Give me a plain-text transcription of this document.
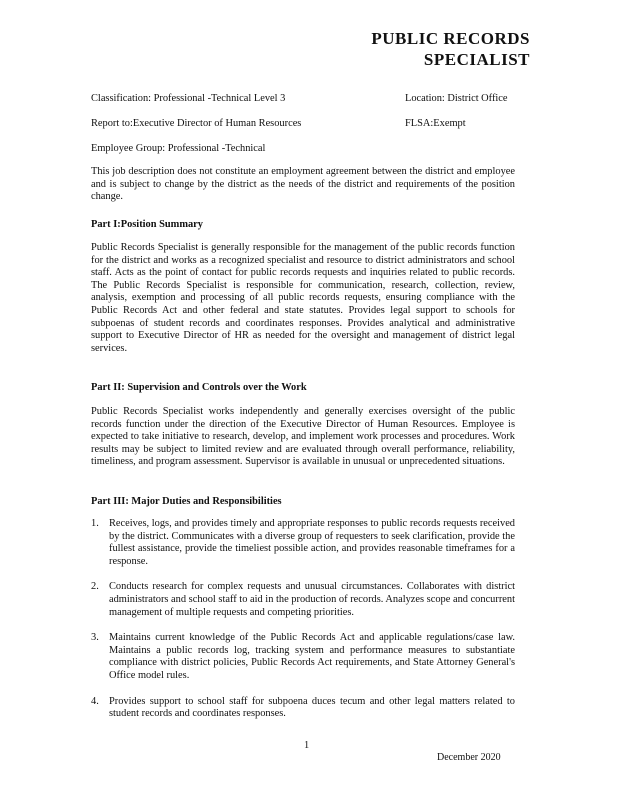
PUBLIC RECORDS
SPECIALIST
Classification: Professional -Technical Level 3	Location: District Office
Report to:Executive Director of Human Resources	FLSA:Exempt
Employee Group: Professional -Technical

This job description does not constitute an employment agreement between the district and employee and is subject to change by the district as the needs of the district and requirements of the position change.

Part I:Position Summary

Public Records Specialist is generally responsible for the management of the public records function for the district and works as a recognized specialist and resource to district administrators and school staff. Acts as the point of contact for public records requests and inquiries related to public records. The Public Records Specialist is responsible for communication, research, collection, review, analysis, exemption and processing of all public records requests, ensuring compliance with the Public Records Act and other federal and state statutes. Provides legal support to schools for subpoenas of student records and coordinates responses. Provides analytical and administrative support to Executive Director of HR as needed for the oversight and management of district legal services.

Part II: Supervision and Controls over the Work

Public Records Specialist works independently and generally exercises oversight of the public records function under the direction of the Executive Director of Human Resources. Employee is expected to take initiative to research, develop, and implement work processes and procedures. Work results may be subject to limited review and are evaluated through overall performance, reliability, timeliness, and program assessment. Supervisor is available in unusual or unprecedented situations.

Part III: Major Duties and Responsibilities
1. Receives, logs, and provides timely and appropriate responses to public records requests received by the district. Communicates with a diverse group of requesters to seek clarification, provide the fullest assistance, provide the timeliest possible action, and provides reasonable timeframes for a response.
2. Conducts research for complex requests and unusual circumstances. Collaborates with district administrators and school staff to aid in the production of records. Analyzes scope and concurrent management of multiple requests and competing priorities.
3. Maintains current knowledge of the Public Records Act and applicable regulations/case law. Maintains a public records log, tracking system and performance measures to substantiate compliance with district policies, Public Records Act requirements, and State Attorney General's Office model rules.
4. Provides support to school staff for subpoena duces tecum and other legal matters related to student records and coordinates responses.
1
December 2020
